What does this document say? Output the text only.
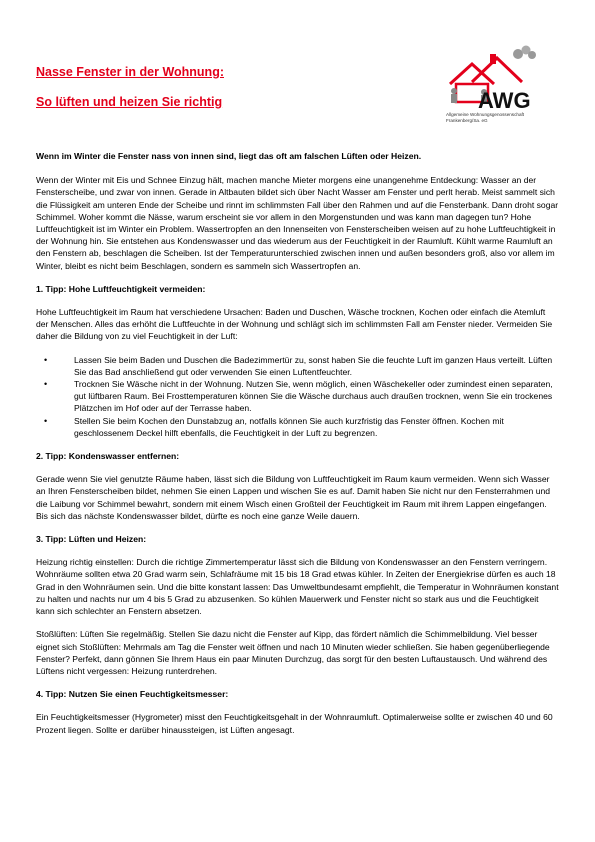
Nasse Fenster in der Wohnung:
So lüften und heizen Sie richtig	AWG
Allgemeine Wohnungsgenossenschaft
Frankenberg/Sa. eG

Wenn im Winter die Fenster nass von innen sind, liegt das oft am falschen Lüften oder Heizen.

Wenn der Winter mit Eis und Schnee Einzug hält, machen manche Mieter morgens eine unangenehme Entdeckung: Wasser an der Fensterscheibe, und zwar von innen. Gerade in Altbauten bildet sich über Nacht Wasser am Fenster und perlt herab. Meist sammelt sich die Flüssigkeit am unteren Ende der Scheibe und rinnt im schlimmsten Fall über den Rahmen und auf die Fensterbank. Dann droht sogar Schimmel. Woher kommt die Nässe, warum erscheint sie vor allem in den Morgenstunden und was kann man dagegen tun? Hohe Luftfeuchtigkeit ist im Winter ein Problem. Wassertropfen an den Innenseiten von Fensterscheiben weisen auf zu hohe Luftfeuchtigkeit in der Wohnung hin. Sie entstehen aus Kondenswasser und das wiederum aus der Feuchtigkeit in der Raumluft. Kühlt warme Raumluft an den Fenstern ab, beschlagen die Scheiben. Ist der Temperaturunterschied zwischen innen und außen besonders groß, also vor allem im Winter, bleibt es nicht beim Beschlagen, sondern es sammeln sich Wassertropfen an.

1. Tipp: Hohe Luftfeuchtigkeit vermeiden:

Hohe Luftfeuchtigkeit im Raum hat verschiedene Ursachen: Baden und Duschen, Wäsche trocknen, Kochen oder einfach die Atemluft der Menschen. Alles das erhöht die Luftfeuchte in der Wohnung und schlägt sich im schlimmsten Fall am Fenster nieder. Vermeiden Sie daher die Bildung von zu viel Feuchtigkeit in der Luft:

•	Lassen Sie beim Baden und Duschen die Badezimmertür zu, sonst haben Sie die feuchte Luft im ganzen Haus verteilt. Lüften Sie das Bad anschließend gut oder verwenden Sie einen Luftentfeuchter.
•	Trocknen Sie Wäsche nicht in der Wohnung. Nutzen Sie, wenn möglich, einen Wäschekeller oder zumindest einen separaten, gut lüftbaren Raum. Bei Frosttemperaturen können Sie die Wäsche durchaus auch draußen trocknen, wenn Sie ein trockenes Plätzchen im Hof oder auf der Terrasse haben.
•	Stellen Sie beim Kochen den Dunstabzug an, notfalls können Sie auch kurzfristig das Fenster öffnen. Kochen mit geschlossenem Deckel hilft ebenfalls, die Feuchtigkeit in der Luft zu begrenzen.
2. Tipp: Kondenswasser entfernen:

Gerade wenn Sie viel genutzte Räume haben, lässt sich die Bildung von Luftfeuchtigkeit im Raum kaum vermeiden. Wenn sich Wasser an Ihren Fensterscheiben bildet, nehmen Sie einen Lappen und wischen Sie es auf. Damit haben Sie nicht nur den Fensterrahmen und die Laibung vor Schimmel bewahrt, sondern mit einem Wisch einen Großteil der Feuchtigkeit im Raum mit ihrem Lappen eingefangen. Bis sich das nächste Kondenswasser bildet, dürfte es noch eine ganze Weile dauern.

3. Tipp: Lüften und Heizen:

Heizung richtig einstellen: Durch die richtige Zimmertemperatur lässt sich die Bildung von Kondenswasser an den Fenstern verringern. Wohnräume sollten etwa 20 Grad warm sein, Schlafräume mit 15 bis 18 Grad etwas kühler. In Zeiten der Energiekrise dürfen es auch 18 Grad in den Wohnräumen sein. Und die bitte konstant lassen: Das Umweltbundesamt empfiehlt, die Temperatur in Wohnräumen konstant zu halten und nachts nur um 4 bis 5 Grad zu abzusenken. So kühlen Mauerwerk und Fenster nicht so stark aus und die Feuchtigkeit kann sich schlechter an Fenstern absetzen.

Stoßlüften: Lüften Sie regelmäßig. Stellen Sie dazu nicht die Fenster auf Kipp, das fördert nämlich die Schimmelbildung. Viel besser eignet sich Stoßlüften: Mehrmals am Tag die Fenster weit öffnen und nach 10 Minuten wieder schließen. Sie haben gegenüberliegende Fenster? Perfekt, dann gönnen Sie Ihrem Haus ein paar Minuten Durchzug, das sorgt für den besten Luftaustausch. Und während des Lüftens nicht vergessen: Heizung runterdrehen.

4. Tipp: Nutzen Sie einen Feuchtigkeitsmesser:

Ein Feuchtigkeitsmesser (Hygrometer) misst den Feuchtigkeitsgehalt in der Wohnraumluft. Optimalerweise sollte er zwischen 40 und 60 Prozent liegen. Sollte er darüber hinaussteigen, ist Lüften angesagt.
